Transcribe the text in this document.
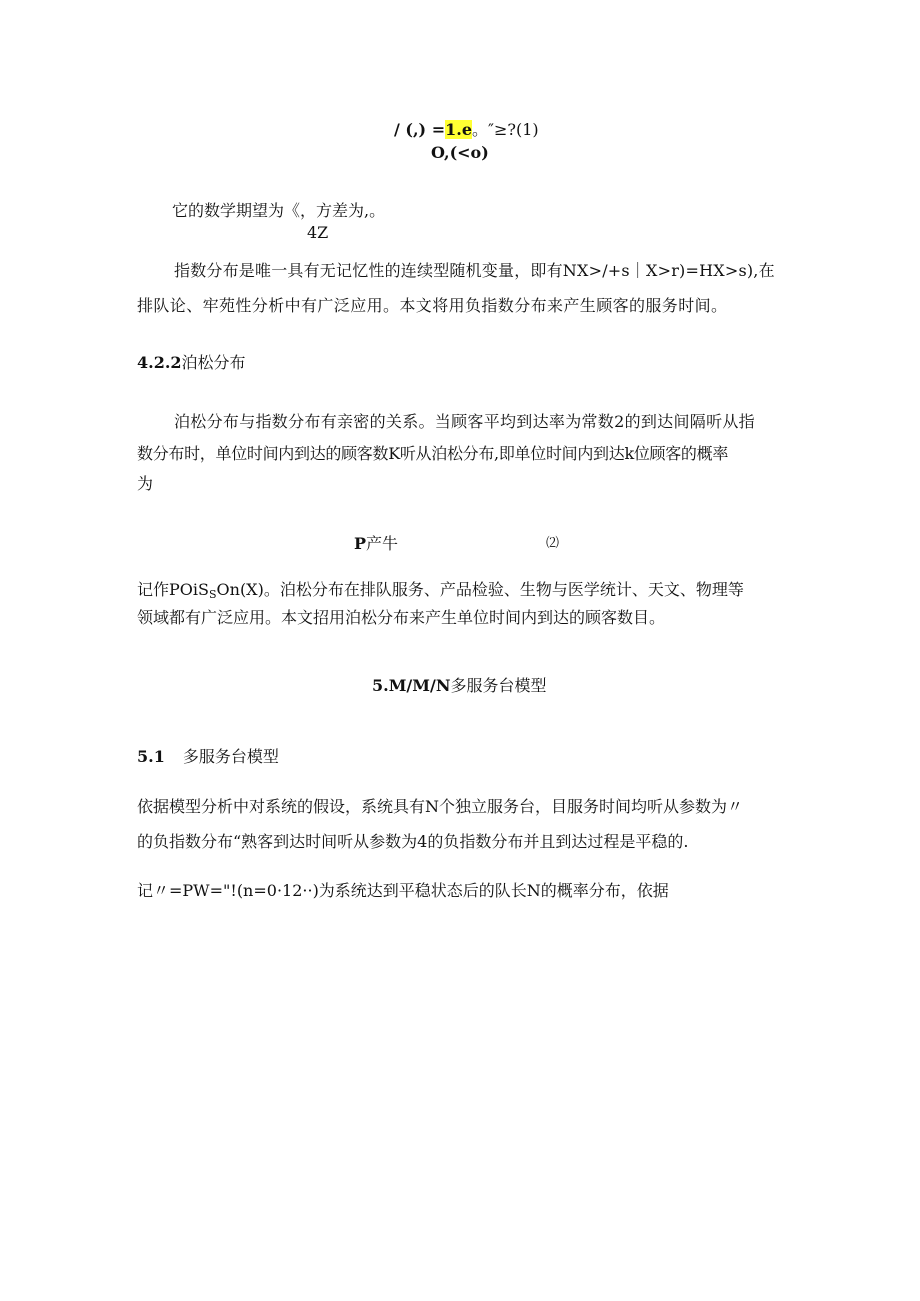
/ (,) =1.e。″≥?(1)
O,(<o)
它的数学期望为《，方差为,。
4Z
指数分布是唯一具有无记忆性的连续型随机变量，即有NX>/+s｜X>r)=HX>s),在
排队论、牢苑性分析中有广泛应用。本文将用负指数分布来产生顾客的服务时间。
4.2.2泊松分布
泊松分布与指数分布有亲密的关系。当顾客平均到达率为常数2的到达间隔听从指
数分布时，单位时间内到达的顾客数K听从泊松分布,即单位时间内到达k位顾客的概率
为
P产牛	⑵
记作POiS$_S$On(X)。泊松分布在排队服务、产品检验、生物与医学统计、天文、物理等
领域都有广泛应用。本文招用泊松分布来产生单位时间内到达的顾客数目。
5.M/M/N多服务台模型
5.1 多服务台模型
依据模型分析中对系统的假设，系统具有N个独立服务台，目服务时间均听从参数为〃
的负指数分布“熟客到达时间听从参数为4的负指数分布并且到达过程是平稳的.
记〃=PW="!(n=0·12··)为系统达到平稳状态后的队长N的概率分布，依据
